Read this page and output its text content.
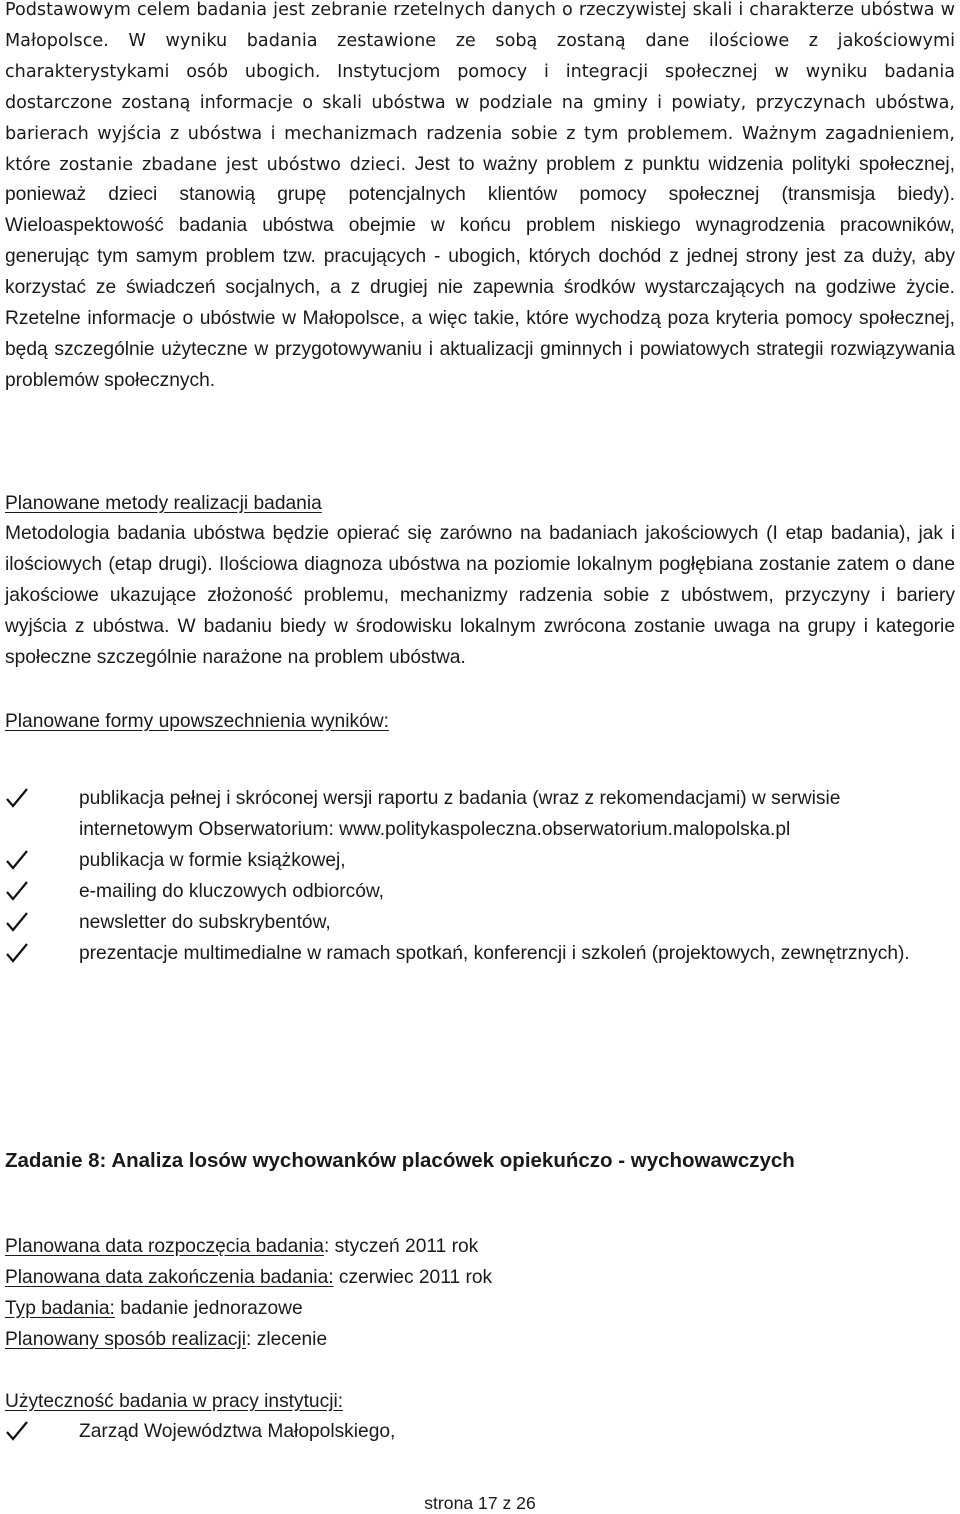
Podstawowym celem badania jest zebranie rzetelnych danych o rzeczywistej skali i charakterze ubóstwa w Małopolsce. W wyniku badania zestawione ze sobą zostaną dane ilościowe z jakościowymi charakterystykami osób ubogich. Instytucjom pomocy i integracji społecznej w wyniku badania dostarczone zostaną informacje o skali ubóstwa w podziale na gminy i powiaty, przyczynach ubóstwa, barierach wyjścia z ubóstwa i mechanizmach radzenia sobie z tym problemem. Ważnym zagadnieniem, które zostanie zbadane jest ubóstwo dzieci. Jest to ważny problem z punktu widzenia polityki społecznej, ponieważ dzieci stanowią grupę potencjalnych klientów pomocy społecznej (transmisja biedy). Wieloaspektowość badania ubóstwa obejmie w końcu problem niskiego wynagrodzenia pracowników, generując tym samym problem tzw. pracujących - ubogich, których dochód z jednej strony jest za duży, aby korzystać ze świadczeń socjalnych, a z drugiej nie zapewnia środków wystarczających na godziwe życie. Rzetelne informacje o ubóstwie w Małopolsce, a więc takie, które wychodzą poza kryteria pomocy społecznej, będą szczególnie użyteczne w przygotowywaniu i aktualizacji gminnych i powiatowych strategii rozwiązywania problemów społecznych.

Planowane metody realizacji badania

Metodologia badania ubóstwa będzie opierać się zarówno na badaniach jakościowych (I etap badania), jak i ilościowych (etap drugi). Ilościowa diagnoza ubóstwa na poziomie lokalnym pogłębiana zostanie zatem o dane jakościowe ukazujące złożoność problemu, mechanizmy radzenia sobie z ubóstwem, przyczyny i bariery wyjścia z ubóstwa. W badaniu biedy w środowisku lokalnym zwrócona zostanie uwaga na grupy i kategorie społeczne szczególnie narażone na problem ubóstwa.

Planowane formy upowszechnienia wyników:

publikacja pełnej i skróconej wersji raportu z badania (wraz z rekomendacjami) w serwisie internetowym Obserwatorium: www.politykaspoleczna.obserwatorium.malopolska.pl
publikacja w formie książkowej,
e-mailing do kluczowych odbiorców,
newsletter do subskrybentów,
prezentacje multimedialne w ramach spotkań, konferencji i szkoleń (projektowych, zewnętrznych).

Zadanie 8: Analiza losów wychowanków placówek opiekuńczo - wychowawczych

Planowana data rozpoczęcia badania: styczeń 2011 rok

Planowana data zakończenia badania: czerwiec 2011 rok

Typ badania: badanie jednorazowe

Planowany sposób realizacji: zlecenie

Użyteczność badania w pracy instytucji:

Zarząd Województwa Małopolskiego,
strona 17 z 26
